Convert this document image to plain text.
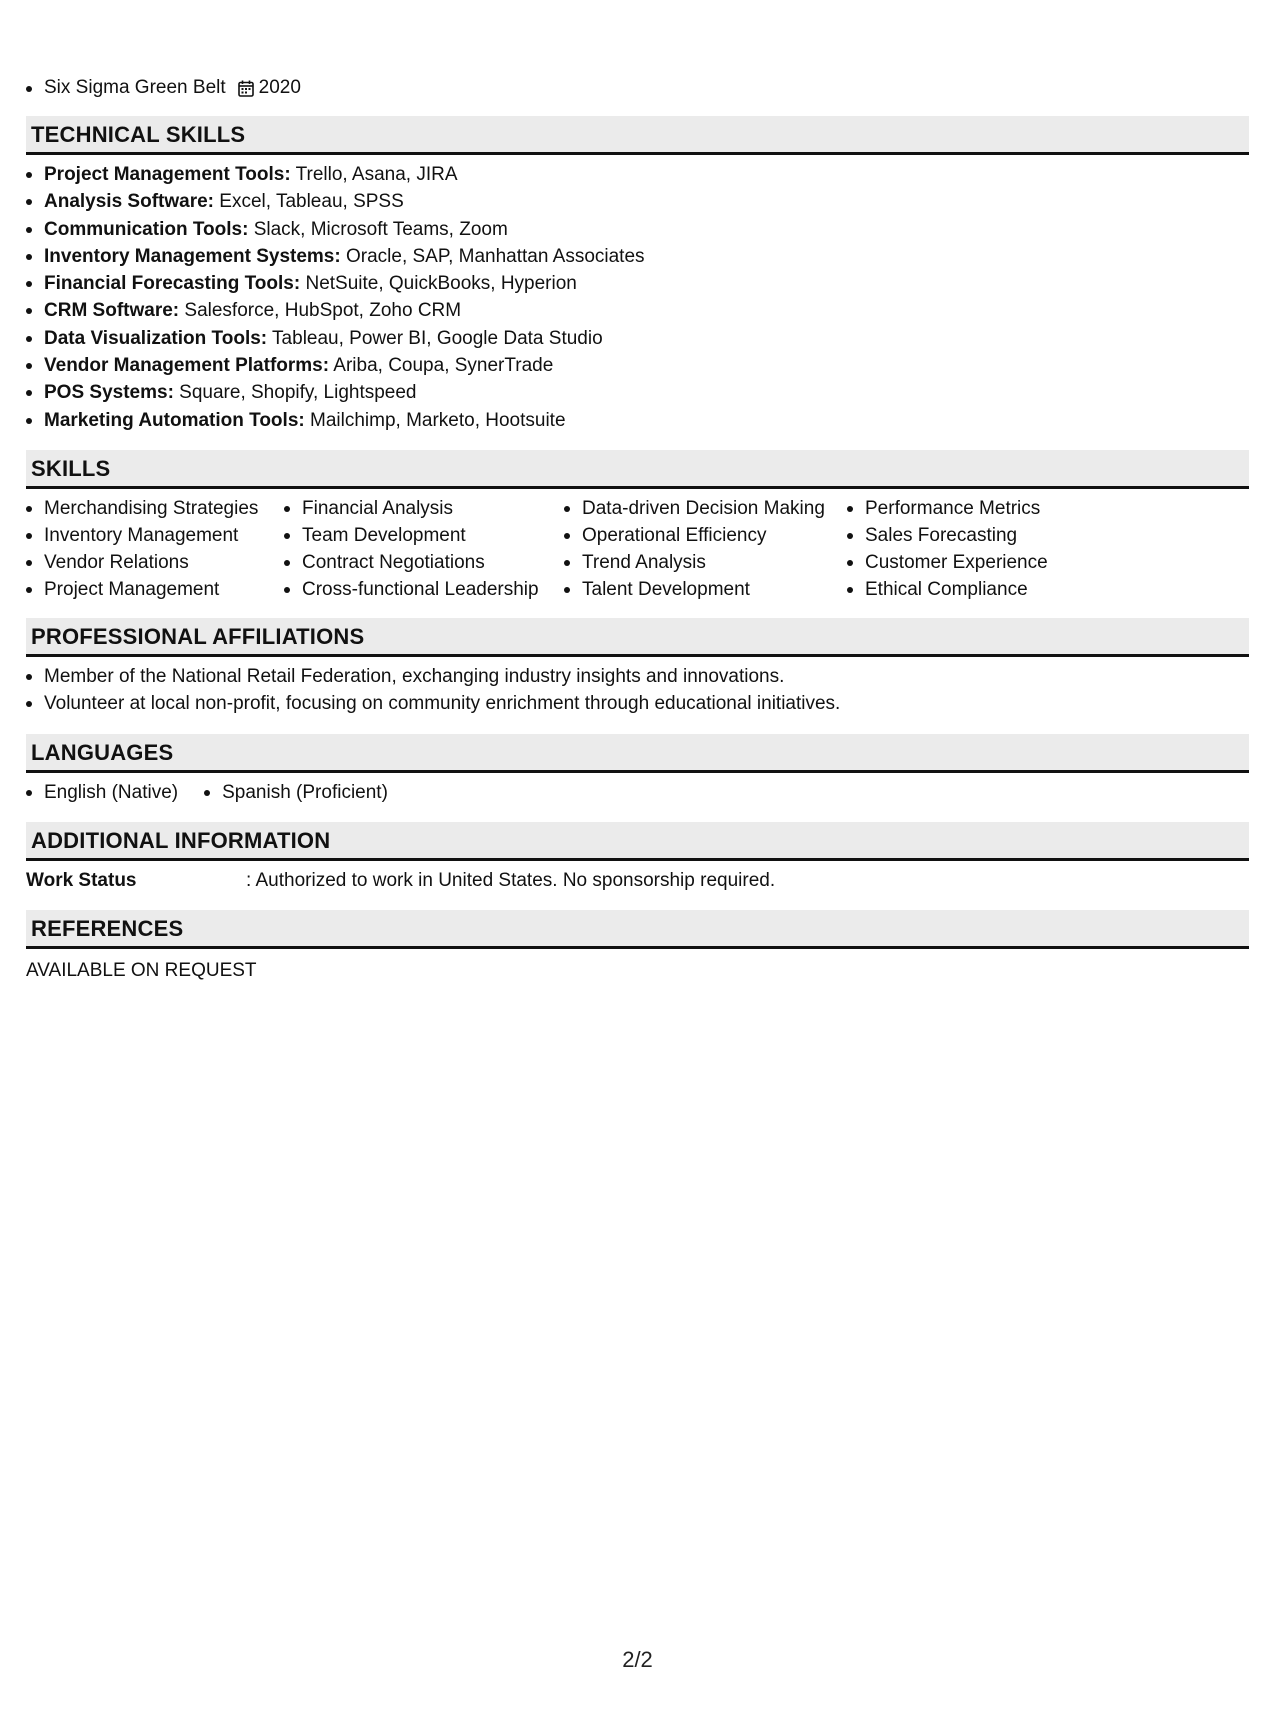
Six Sigma Green Belt 2020
TECHNICAL SKILLS
Project Management Tools: Trello, Asana, JIRA
Analysis Software: Excel, Tableau, SPSS
Communication Tools: Slack, Microsoft Teams, Zoom
Inventory Management Systems: Oracle, SAP, Manhattan Associates
Financial Forecasting Tools: NetSuite, QuickBooks, Hyperion
CRM Software: Salesforce, HubSpot, Zoho CRM
Data Visualization Tools: Tableau, Power BI, Google Data Studio
Vendor Management Platforms: Ariba, Coupa, SynerTrade
POS Systems: Square, Shopify, Lightspeed
Marketing Automation Tools: Mailchimp, Marketo, Hootsuite
SKILLS
Merchandising Strategies
Inventory Management
Vendor Relations
Project Management
Financial Analysis
Team Development
Contract Negotiations
Cross-functional Leadership
Data-driven Decision Making
Operational Efficiency
Trend Analysis
Talent Development
Performance Metrics
Sales Forecasting
Customer Experience
Ethical Compliance
PROFESSIONAL AFFILIATIONS
Member of the National Retail Federation, exchanging industry insights and innovations.
Volunteer at local non-profit, focusing on community enrichment through educational initiatives.
LANGUAGES
English (Native) Spanish (Proficient)
ADDITIONAL INFORMATION
Work Status	: Authorized to work in United States. No sponsorship required.
REFERENCES
AVAILABLE ON REQUEST
2/2
